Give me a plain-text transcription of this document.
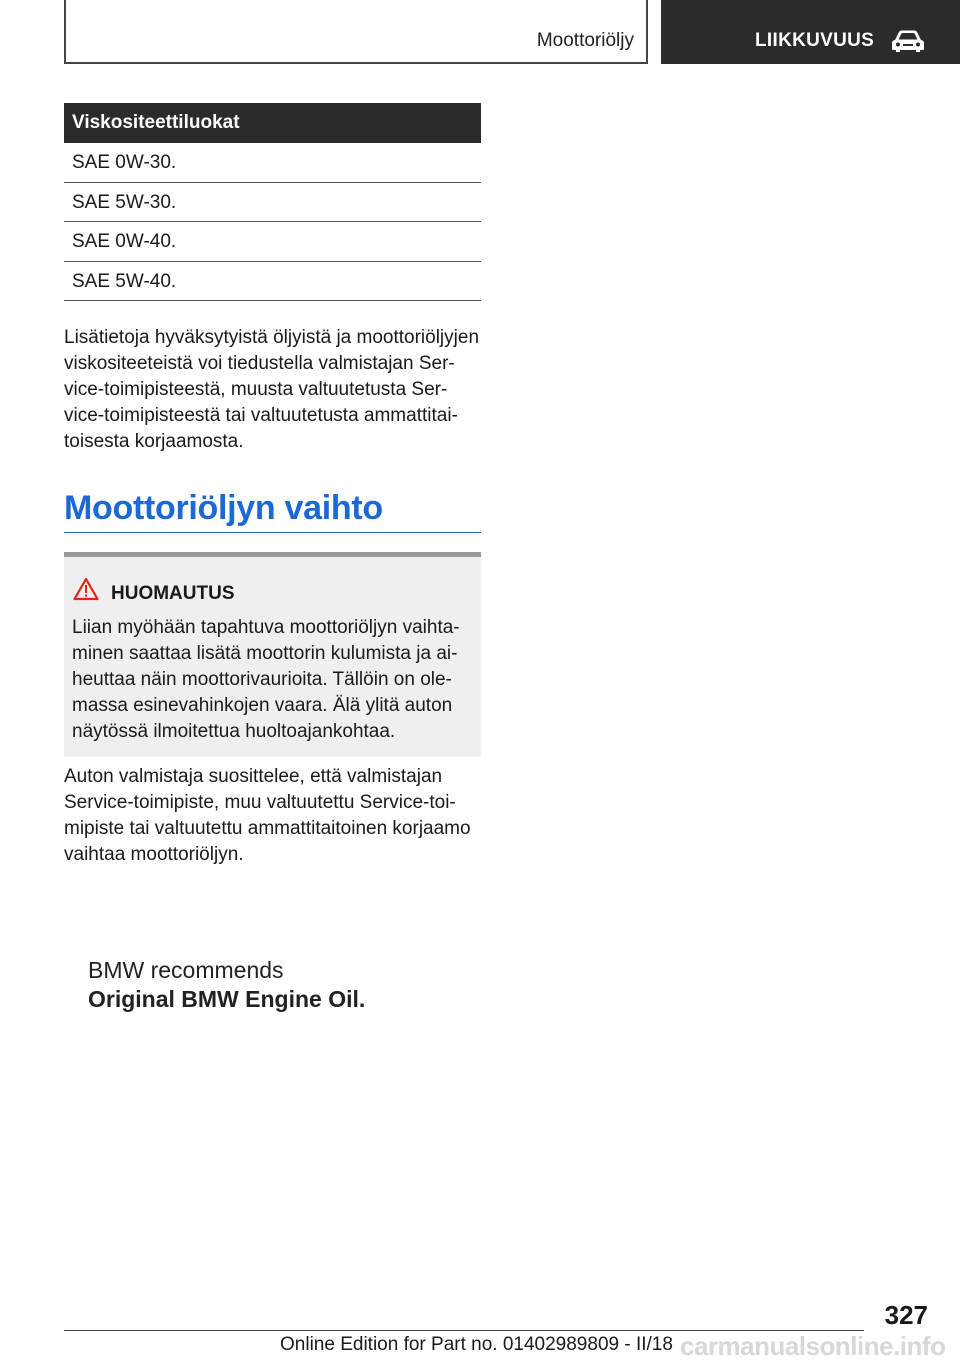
Moottoriöljy	LIIKKUVUUS
Viskositeettiluokat
SAE 0W-30.
SAE 5W-30.
SAE 0W-40.
SAE 5W-40.

Lisätietoja hyväksytyistä öljyistä ja moottoriöljyjen
viskositeeteistä voi tiedustella valmistajan Ser-
vice-toimipisteestä, muusta valtuutetusta Ser-
vice-toimipisteestä tai valtuutetusta ammattitai-
toisesta korjaamosta.

Moottoriöljyn vaihto
HUOMAUTUS
Liian myöhään tapahtuva moottoriöljyn vaihta-
minen saattaa lisätä moottorin kulumista ja ai-
heuttaa näin moottorivaurioita. Tällöin on ole-
massa esinevahinkojen vaara. Älä ylitä auton
näytössä ilmoitettua huoltoajankohtaa.

Auton valmistaja suosittelee, että valmistajan
Service-toimipiste, muu valtuutettu Service-toi-
mipiste tai valtuutettu ammattitaitoinen korjaamo
vaihtaa moottoriöljyn.

BMW recommends
Original BMW Engine Oil.
327
carmanualsonline.info
Online Edition for Part no. 01402989809 - II/18
